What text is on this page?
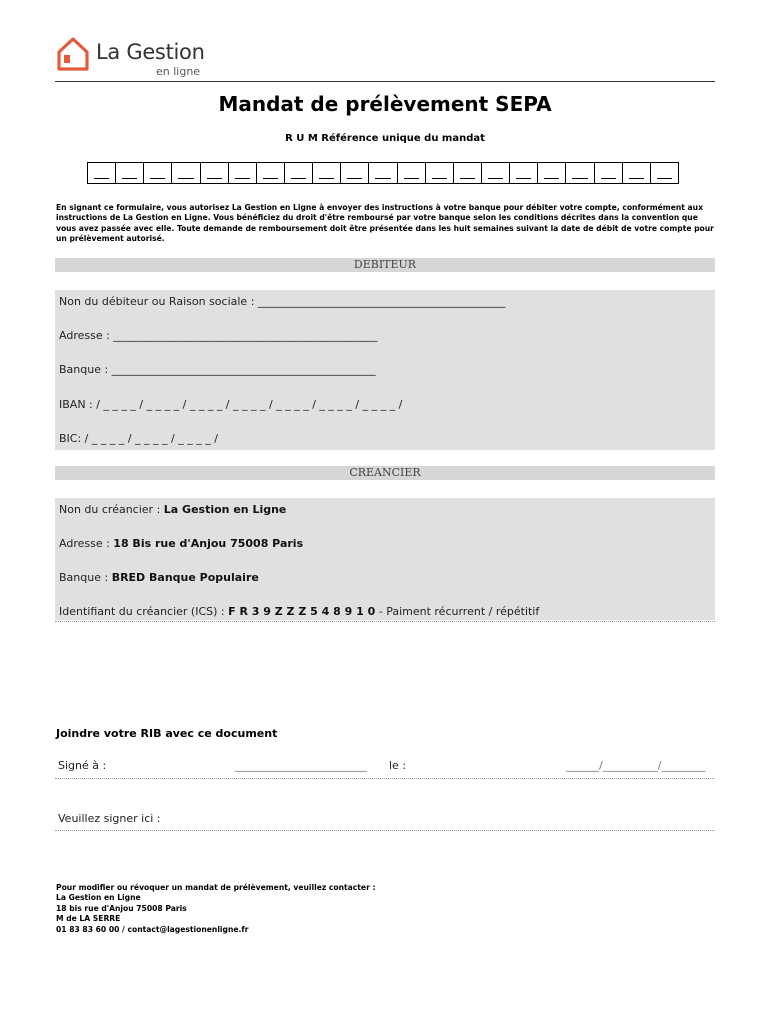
La Gestion
en ligne
Mandat de prélèvement SEPA
R U M Référence unique du mandat
En signant ce formulaire, vous autorisez La Gestion en Ligne à envoyer des instructions à votre banque pour débiter votre compte, conformément aux instructions de La Gestion en Ligne. Vous bénéficiez du droit d'être remboursé par votre banque selon les conditions décrites dans la convention que vous avez passée avec elle. Toute demande de remboursement doit être présentée dans les huit semaines suivant la date de débit de votre compte pour un prélèvement autorisé.
DEBITEUR
Non du débiteur ou Raison sociale : _____________________________________________
Adresse : ________________________________________________
Banque : ________________________________________________
IBAN : / _ _ _ _ / _ _ _ _ / _ _ _ _ / _ _ _ _ / _ _ _ _ / _ _ _ _ / _ _ _ _ /
BIC: / _ _ _ _ / _ _ _ _ / _ _ _ _ /
CREANCIER
Non du créancier : La Gestion en Ligne
Adresse : 18 Bis rue d'Anjou 75008 Paris
Banque : BRED Banque Populaire
Identifiant du créancier (ICS) : F R 3 9 Z Z Z 5 4 8 9 1 0 - Paiment récurrent / répétitif
Joindre votre RIB avec ce document
Signé à :	________________________ le :	______/__________/________
Veuillez signer ici :
Pour modifier ou révoquer un mandat de prélèvement, veuillez contacter :
La Gestion en Ligne
18 bis rue d'Anjou 75008 Paris
M de LA SERRE
01 83 83 60 00 / contact@lagestionenligne.fr
